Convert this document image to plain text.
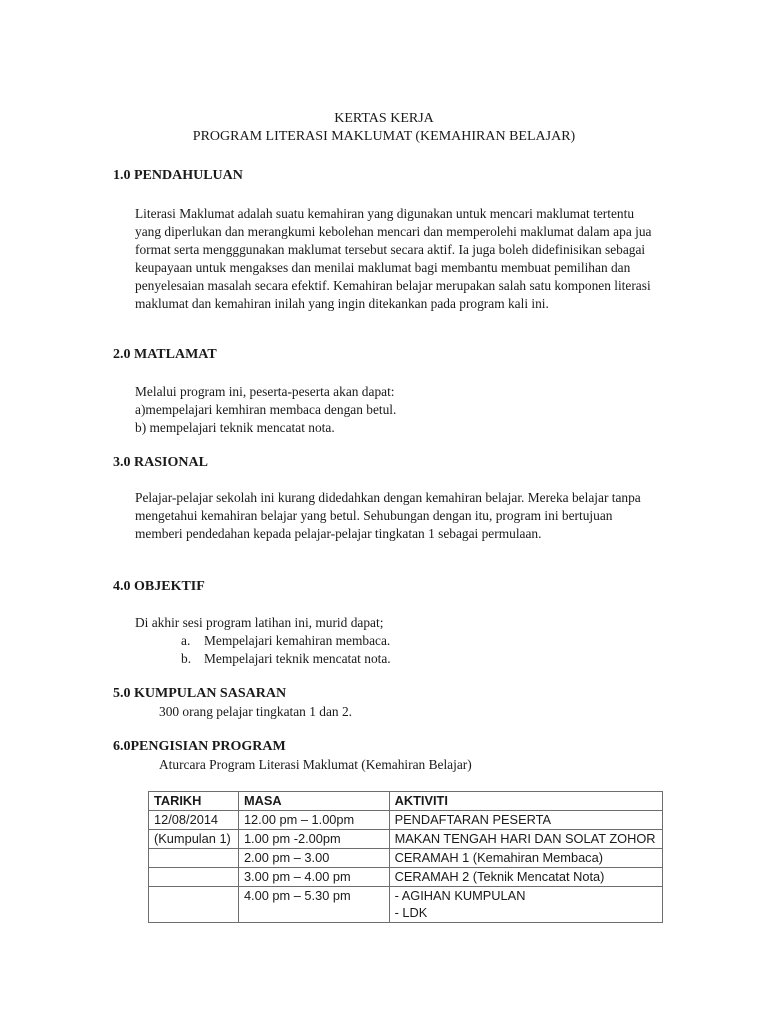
KERTAS KERJA
PROGRAM LITERASI MAKLUMAT (KEMAHIRAN BELAJAR)
1.0 PENDAHULUAN

Literasi Maklumat adalah suatu kemahiran yang digunakan untuk mencari maklumat tertentu yang diperlukan dan merangkumi kebolehan mencari dan memperolehi maklumat dalam apa jua format serta mengggunakan maklumat tersebut secara aktif. Ia juga boleh didefinisikan sebagai keupayaan untuk mengakses dan menilai maklumat bagi membantu membuat pemilihan dan penyelesaian masalah secara efektif. Kemahiran belajar merupakan salah satu komponen literasi maklumat dan kemahiran inilah yang ingin ditekankan pada program kali ini.

2.0 MATLAMAT
Melalui program ini, peserta-peserta akan dapat:
a)mempelajari kemhiran membaca dengan betul.
b) mempelajari teknik mencatat nota.
3.0 RASIONAL

Pelajar-pelajar sekolah ini kurang didedahkan dengan kemahiran belajar. Mereka belajar tanpa mengetahui kemahiran belajar yang betul. Sehubungan dengan itu, program ini bertujuan memberi pendedahan kepada pelajar-pelajar tingkatan 1 sebagai permulaan.

4.0 OBJEKTIF
Di akhir sesi program latihan ini, murid dapat;
a. Mempelajari kemahiran membaca.
b. Mempelajari teknik mencatat nota.
5.0 KUMPULAN SASARAN
300 orang pelajar tingkatan 1 dan 2.
6.0PENGISIAN PROGRAM
Aturcara Program Literasi Maklumat (Kemahiran Belajar)
TARIKH	MASA	AKTIVITI
12/08/2014	12.00 pm – 1.00pm	PENDAFTARAN PESERTA
(Kumpulan 1)	1.00 pm -2.00pm	MAKAN TENGAH HARI DAN SOLAT ZOHOR
	2.00 pm – 3.00	CERAMAH 1 (Kemahiran Membaca)
	3.00 pm – 4.00 pm	CERAMAH 2 (Teknik Mencatat Nota)
	4.00 pm – 5.30 pm	- AGIHAN KUMPULAN
- LDK
